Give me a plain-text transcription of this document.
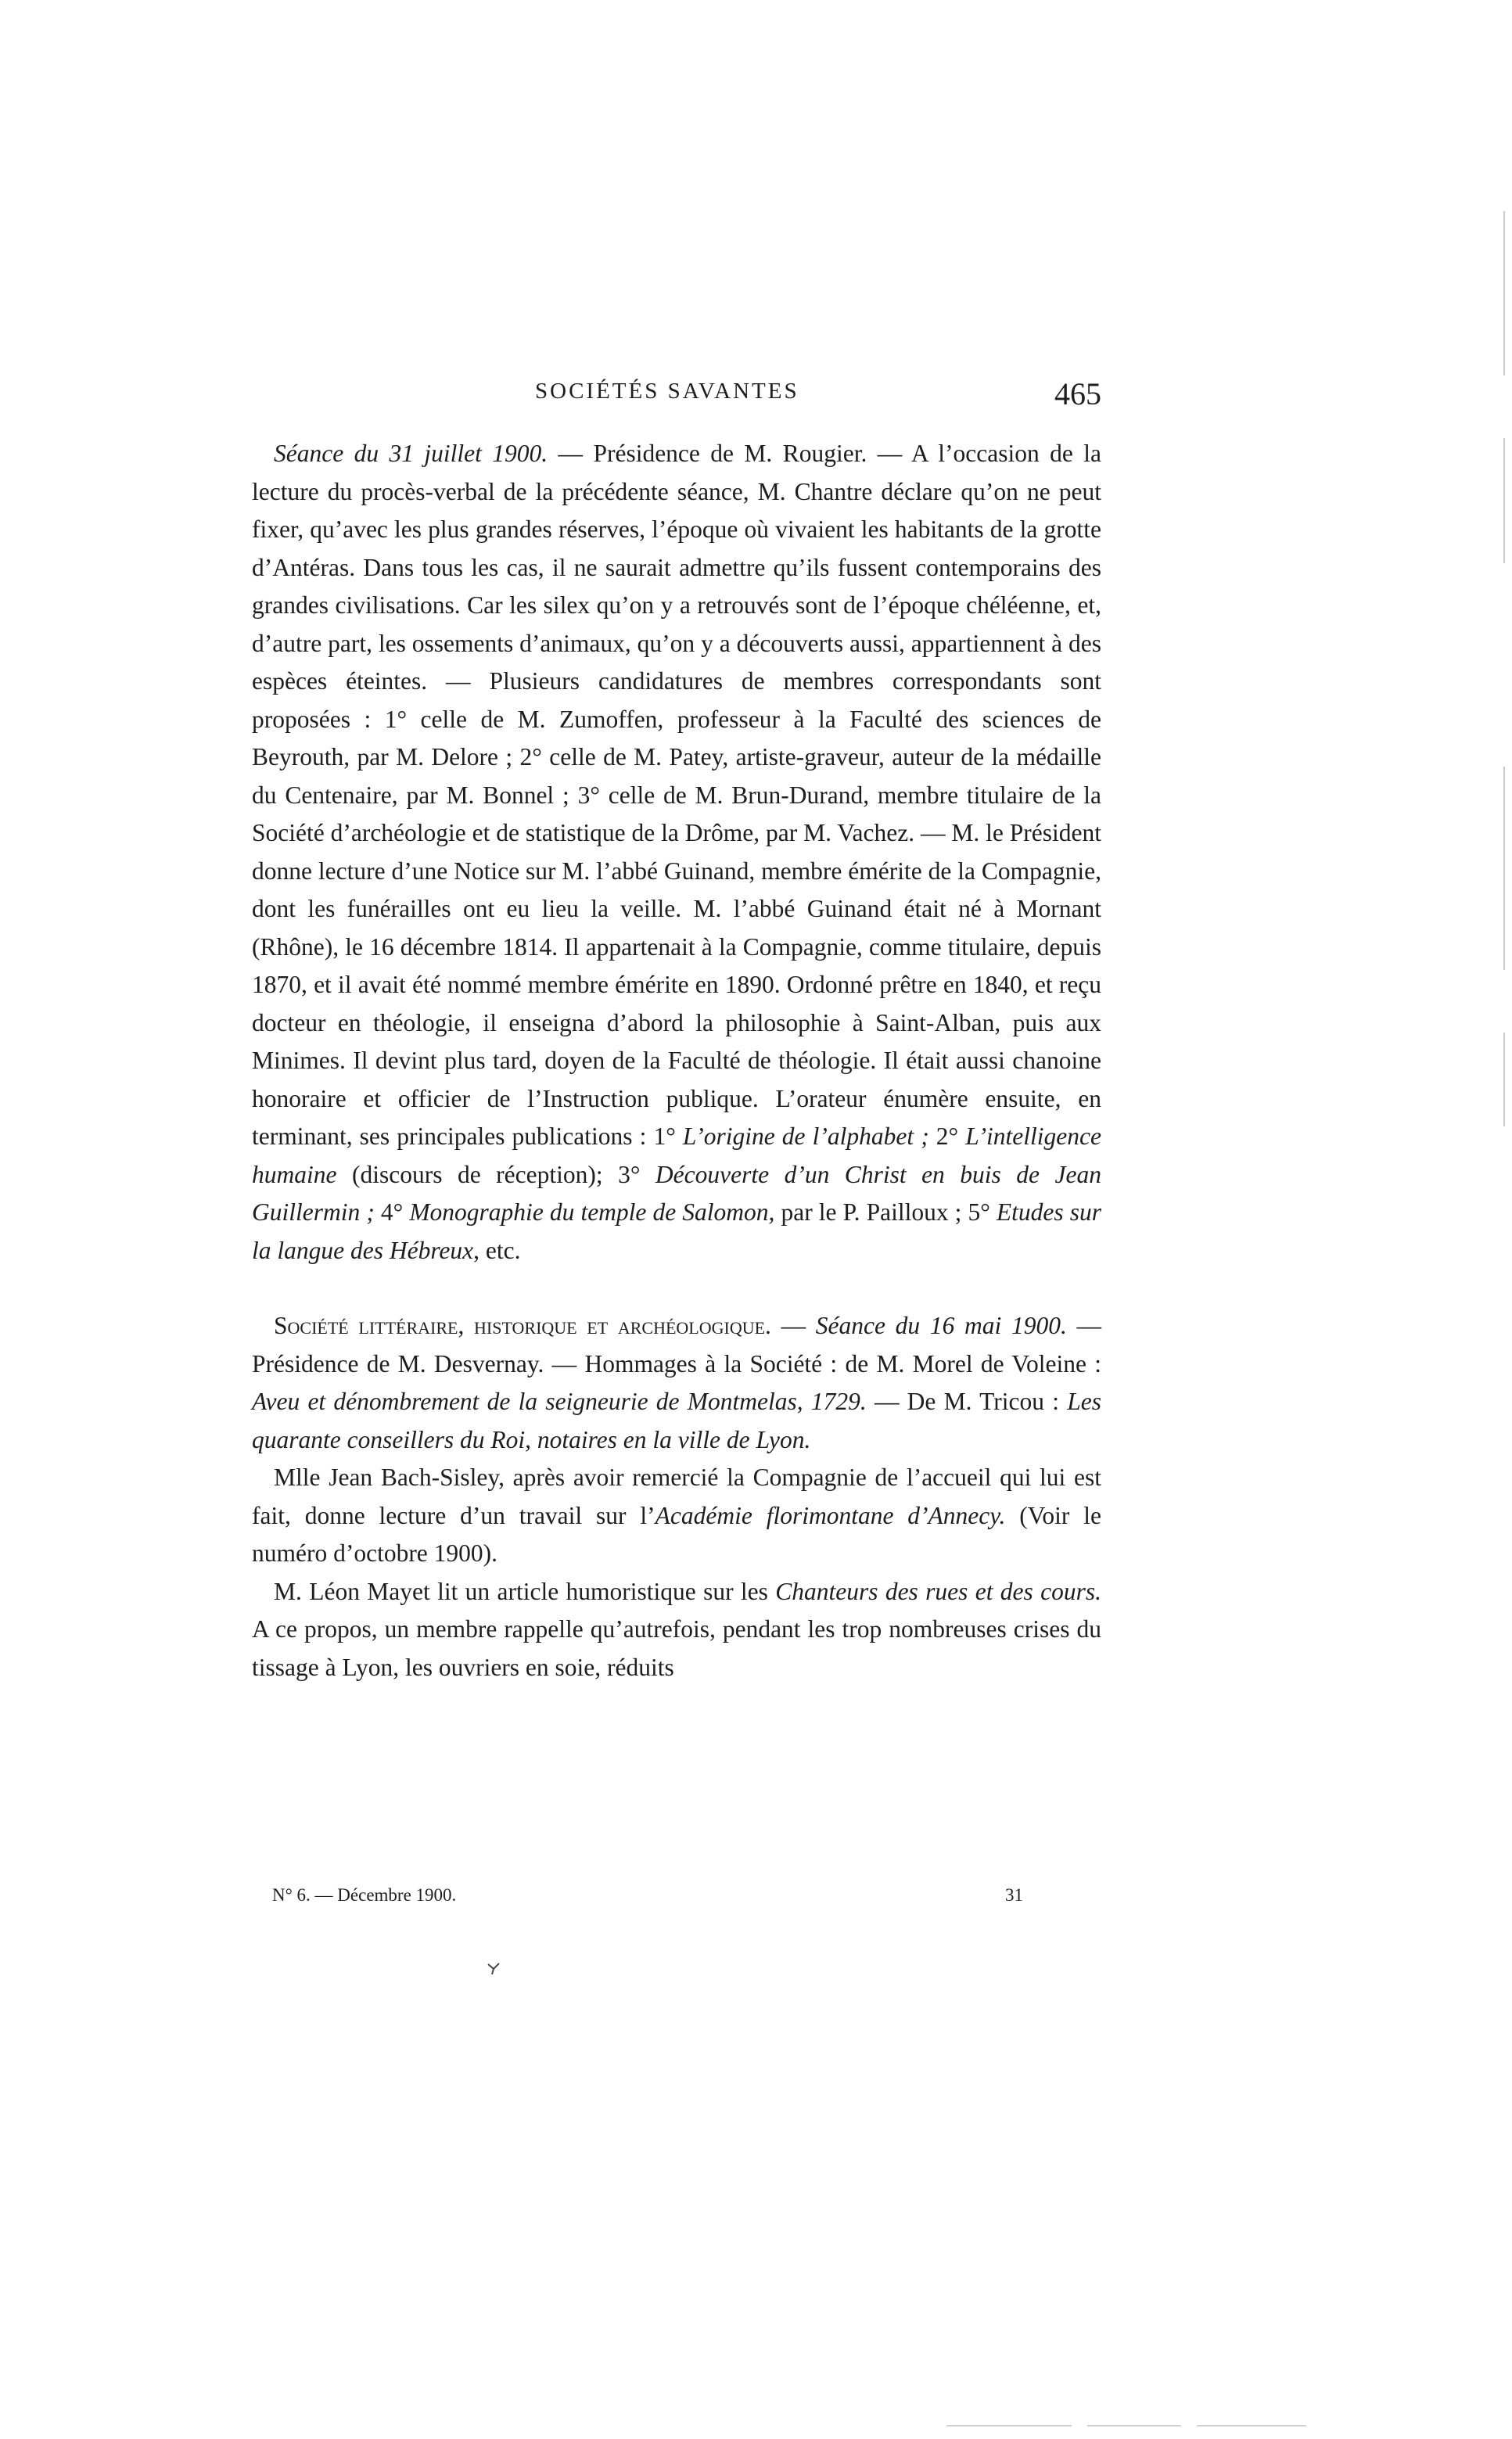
SOCIÉTÉS SAVANTES	465

Séance du 31 juillet 1900. — Présidence de M. Rougier. — A l’occasion de la lecture du procès-verbal de la précédente séance, M. Chantre déclare qu’on ne peut fixer, qu’avec les plus grandes réserves, l’époque où vivaient les habitants de la grotte d’Antéras. Dans tous les cas, il ne saurait admettre qu’ils fussent contemporains des grandes civilisations. Car les silex qu’on y a retrouvés sont de l’époque chéléenne, et, d’autre part, les ossements d’animaux, qu’on y a découverts aussi, appartiennent à des espèces éteintes. — Plusieurs candidatures de membres correspondants sont proposées : 1° celle de M. Zumoffen, professeur à la Faculté des sciences de Beyrouth, par M. Delore ; 2° celle de M. Patey, artiste-graveur, auteur de la médaille du Centenaire, par M. Bonnel ; 3° celle de M. Brun-Durand, membre titulaire de la Société d’archéologie et de statistique de la Drôme, par M. Vachez. — M. le Président donne lecture d’une Notice sur M. l’abbé Guinand, membre émérite de la Compagnie, dont les funérailles ont eu lieu la veille. M. l’abbé Guinand était né à Mornant (Rhône), le 16 décembre 1814. Il appartenait à la Compagnie, comme titulaire, depuis 1870, et il avait été nommé membre émérite en 1890. Ordonné prêtre en 1840, et reçu docteur en théologie, il enseigna d’abord la philosophie à Saint-Alban, puis aux Minimes. Il devint plus tard, doyen de la Faculté de théologie. Il était aussi chanoine honoraire et officier de l’Instruction publique. L’orateur énumère ensuite, en terminant, ses principales publications : 1° L’origine de l’alphabet ; 2° L’intelligence humaine (discours de réception); 3° Découverte d’un Christ en buis de Jean Guillermin ; 4° Monographie du temple de Salomon, par le P. Pailloux ; 5° Etudes sur la langue des Hébreux, etc.

Société littéraire, historique et archéologique. — Séance du 16 mai 1900. — Présidence de M. Desvernay. — Hommages à la Société : de M. Morel de Voleine : Aveu et dénombrement de la seigneurie de Montmelas, 1729. — De M. Tricou : Les quarante conseillers du Roi, notaires en la ville de Lyon.

Mlle Jean Bach-Sisley, après avoir remercié la Compagnie de l’accueil qui lui est fait, donne lecture d’un travail sur l’Académie florimontane d’Annecy. (Voir le numéro d’octobre 1900).

M. Léon Mayet lit un article humoristique sur les Chanteurs des rues et des cours. A ce propos, un membre rappelle qu’autrefois, pendant les trop nombreuses crises du tissage à Lyon, les ouvriers en soie, réduits

N° 6. — Décembre 1900.	31
